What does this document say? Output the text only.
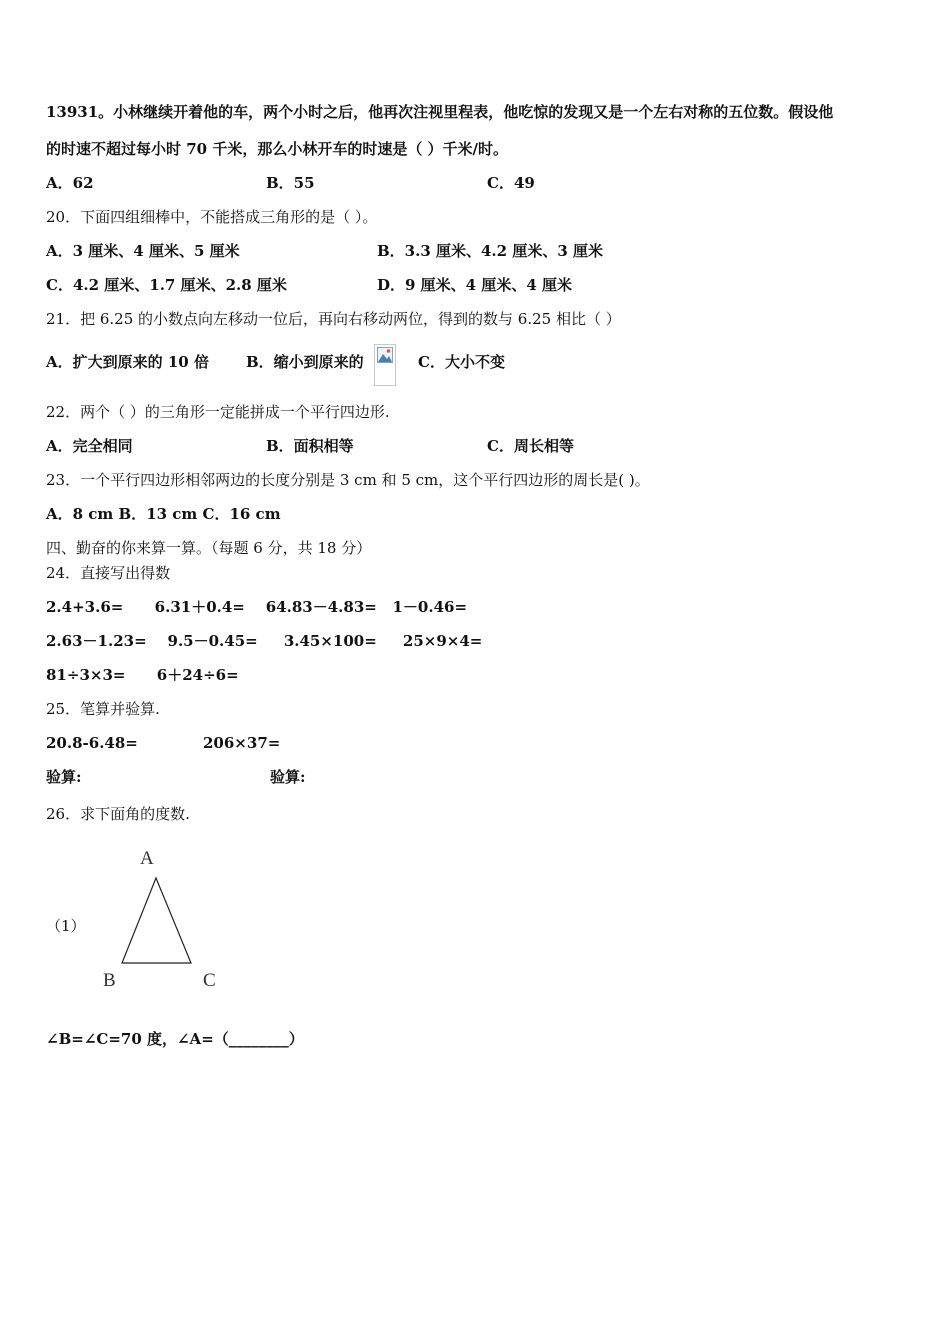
13931。小林继续开着他的车，两个小时之后，他再次注视里程表，他吃惊的发现又是一个左右对称的五位数。假设他
的时速不超过每小时 70 千米，那么小林开车的时速是（ ）千米/时。
A．62	B．55	C．49
20．下面四组细棒中，不能搭成三角形的是（ ）。
A．3 厘米、4 厘米、5 厘米	B．3.3 厘米、4.2 厘米、3 厘米
C．4.2 厘米、1.7 厘米、2.8 厘米	D．9 厘米、4 厘米、4 厘米
21．把 6.25 的小数点向左移动一位后，再向右移动两位，得到的数与 6.25 相比（ ）
A．扩大到原来的 10 倍 B．缩小到原来的	C．大小不变
22．两个（ ）的三角形一定能拼成一个平行四边形.
A．完全相同	B．面积相等	C．周长相等
23．一个平行四边形相邻两边的长度分别是 3 cm 和 5 cm，这个平行四边形的周长是( )。
A．8 cm B．13 cm C．16 cm
四、勤奋的你来算一算。（每题 6 分，共 18 分）
24．直接写出得数
2.4+3.6=      6.31＋0.4=    64.83－4.83=   1－0.46=
2.63－1.23=    9.5－0.45=     3.45×100=     25×9×4=
81÷3×3=      6＋24÷6=
25．笔算并验算.
20.8-6.48=	206×37=
验算:	验算:
26．求下面角的度数.
（1）
A
B	C
∠B=∠C=70 度，∠A=（________）
